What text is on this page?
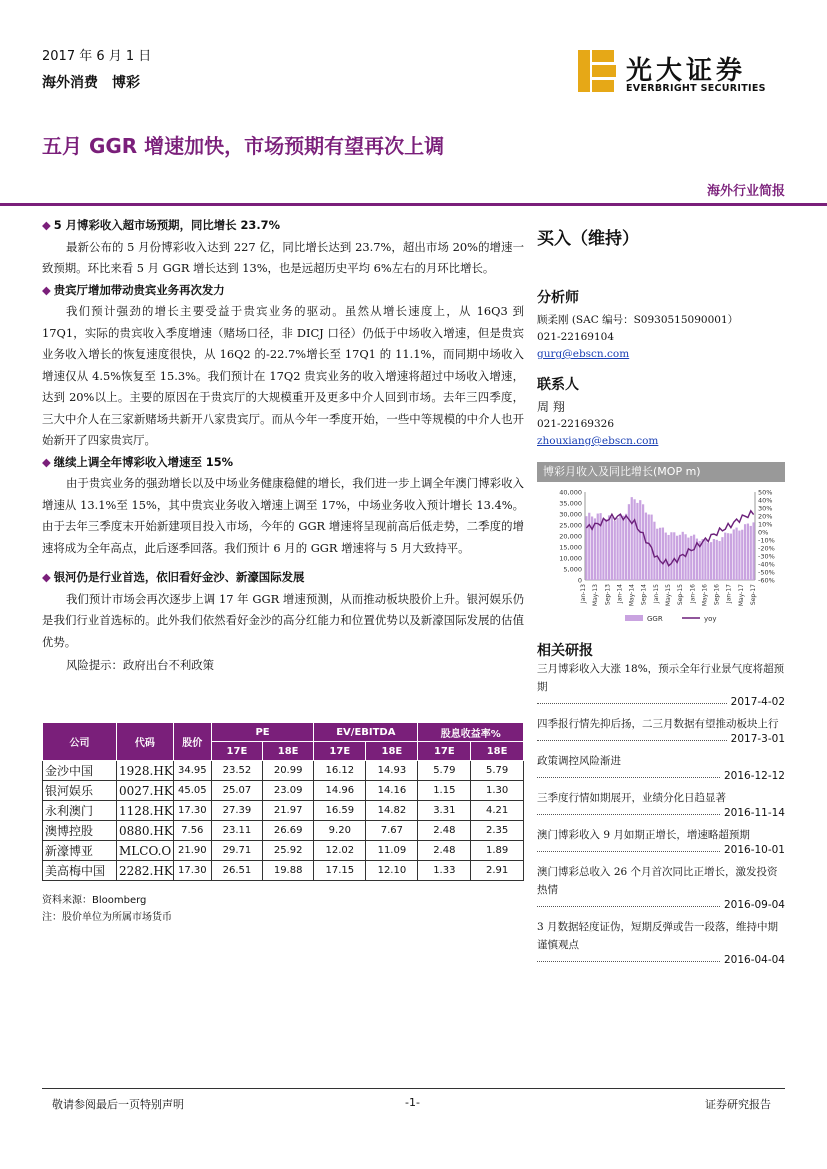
2017 年 6 月 1 日
海外消费 博彩	光大证券
EVERBRIGHT SECURITIES
五月 GGR 增速加快，市场预期有望再次上调
海外行业简报
◆ 5 月博彩收入超市场预期，同比增长 23.7%
最新公布的 5 月份博彩收入达到 227 亿，同比增长达到 23.7%，超出市场 20%的增速一致预期。环比来看 5 月 GGR 增长达到 13%，也是远超历史平均 6%左右的月环比增长。
◆ 贵宾厅增加带动贵宾业务再次发力
我们预计强劲的增长主要受益于贵宾业务的驱动。虽然从增长速度上，从 16Q3 到 17Q1，实际的贵宾收入季度增速（赌场口径，非 DICJ 口径）仍低于中场收入增速，但是贵宾业务收入增长的恢复速度很快，从 16Q2 的-22.7%增长至 17Q1 的 11.1%，而同期中场收入增速仅从 4.5%恢复至 15.3%。我们预计在 17Q2 贵宾业务的收入增速将超过中场收入增速，达到 20%以上。主要的原因在于贵宾厅的大规模重开及更多中介人回到市场。去年三四季度，三大中介人在三家新赌场共新开八家贵宾厅。而从今年一季度开始，一些中等规模的中介人也开始新开了四家贵宾厅。
◆ 继续上调全年博彩收入增速至 15%
由于贵宾业务的强劲增长以及中场业务健康稳健的增长，我们进一步上调全年澳门博彩收入增速从 13.1%至 15%，其中贵宾业务收入增速上调至 17%，中场业务收入预计增长 13.4%。由于去年三季度末开始新建项目投入市场，今年的 GGR 增速将呈现前高后低走势，二季度的增速将成为全年高点，此后逐季回落。我们预计 6 月的 GGR 增速将与 5 月大致持平。
◆ 银河仍是行业首选，依旧看好金沙、新濠国际发展
我们预计市场会再次逐步上调 17 年 GGR 增速预测，从而推动板块股价上升。银河娱乐仍是我们行业首选标的。此外我们依然看好金沙的高分红能力和位置优势以及新濠国际发展的估值优势。
风险提示：政府出台不利政策
公司	代码	股价	PE		EV/EBITDA		股息收益率%	
			17E	18E	17E	18E	17E	18E
金沙中国	1928.HK	34.95	23.52	20.99	16.12	14.93	5.79	5.79
银河娱乐	0027.HK	45.05	25.07	23.09	14.96	14.16	1.15	1.30
永利澳门	1128.HK	17.30	27.39	21.97	16.59	14.82	3.31	4.21
澳博控股	0880.HK	7.56	23.11	26.69	9.20	7.67	2.48	2.35
新濠博亚	MLCO.O	21.90	29.71	25.92	12.02	11.09	2.48	1.89
美高梅中国	2282.HK	17.30	26.51	19.88	17.15	12.10	1.33	2.91
资料来源：Bloomberg
注：股价单位为所属市场货币
买入（维持）
分析师
顾柔刚 (SAC 编号：S0930515090001）
021-22169104
gurg@ebscn.com
联系人
周 翔
021-22169326
zhouxiang@ebscn.com
博彩月收入及同比增长(MOP m)
40,000
35,000
30,000
25,000
20,000
15,000
10,000
5,000
0
50%
40%
30%
20%
10%
0%
-10%
-20%
-30%
-40%
-50%
-60%
Jan-13 May-13 Sep-13 Jan-14 May-14 Sep-14 Jan-15 May-15 Sep-15 Jan-16 May-16 Sep-16 Jan-17 May-17 Sep-17
GGR	yoy
相关研报
三月博彩收入大涨 18%，预示全年行业景气度将超预期
2017-4-02
四季报行情先抑后扬，二三月数据有望推动板块上行
2017-3-01
政策调控风险渐进
2016-12-12
三季度行情如期展开，业绩分化日趋显著
2016-11-14
澳门博彩收入 9 月如期正增长，增速略超预期
2016-10-01
澳门博彩总收入 26 个月首次同比正增长，激发投资热情
2016-09-04
3 月数据轻度证伪，短期反弹或告一段落，维持中期谨慎观点
2016-04-04
敬请参阅最后一页特别声明	-1-	证券研究报告
